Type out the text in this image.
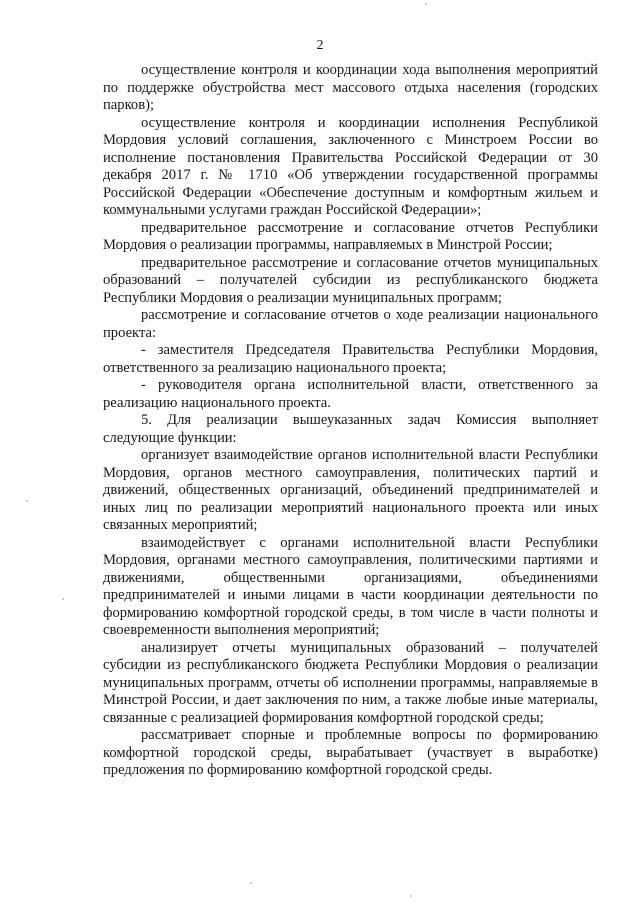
2

осуществление контроля и координации хода выполнения мероприятий по поддержке обустройства мест массового отдыха населения (городских парков);

осуществление контроля и координации исполнения Республикой Мордовия условий соглашения, заключенного с Минстроем России во исполнение постановления Правительства Российской Федерации от 30 декабря 2017 г. № 1710 «Об утверждении государственной программы Российской Федерации «Обеспечение доступным и комфортным жильем и коммунальными услугами граждан Российской Федерации»;

предварительное рассмотрение и согласование отчетов Республики Мордовия о реализации программы, направляемых в Минстрой России;

предварительное рассмотрение и согласование отчетов муниципальных образований – получателей субсидии из республиканского бюджета Республики Мордовия о реализации муниципальных программ;

рассмотрение и согласование отчетов о ходе реализации национального проекта:

- заместителя Председателя Правительства Республики Мордовия, ответственного за реализацию национального проекта;

- руководителя органа исполнительной власти, ответственного за реализацию национального проекта.

5. Для реализации вышеуказанных задач Комиссия выполняет следующие функции:

организует взаимодействие органов исполнительной власти Республики Мордовия, органов местного самоуправления, политических партий и движений, общественных организаций, объединений предпринимателей и иных лиц по реализации мероприятий национального проекта или иных связанных мероприятий;

взаимодействует с органами исполнительной власти Республики Мордовия, органами местного самоуправления, политическими партиями и движениями, общественными организациями, объединениями предпринимателей и иными лицами в части координации деятельности по формированию комфортной городской среды, в том числе в части полноты и своевременности выполнения мероприятий;

анализирует отчеты муниципальных образований – получателей субсидии из республиканского бюджета Республики Мордовия о реализации муниципальных программ, отчеты об исполнении программы, направляемые в Минстрой России, и дает заключения по ним, а также любые иные материалы, связанные с реализацией формирования комфортной городской среды;

рассматривает спорные и проблемные вопросы по формированию комфортной городской среды, вырабатывает (участвует в выработке) предложения по формированию комфортной городской среды.
